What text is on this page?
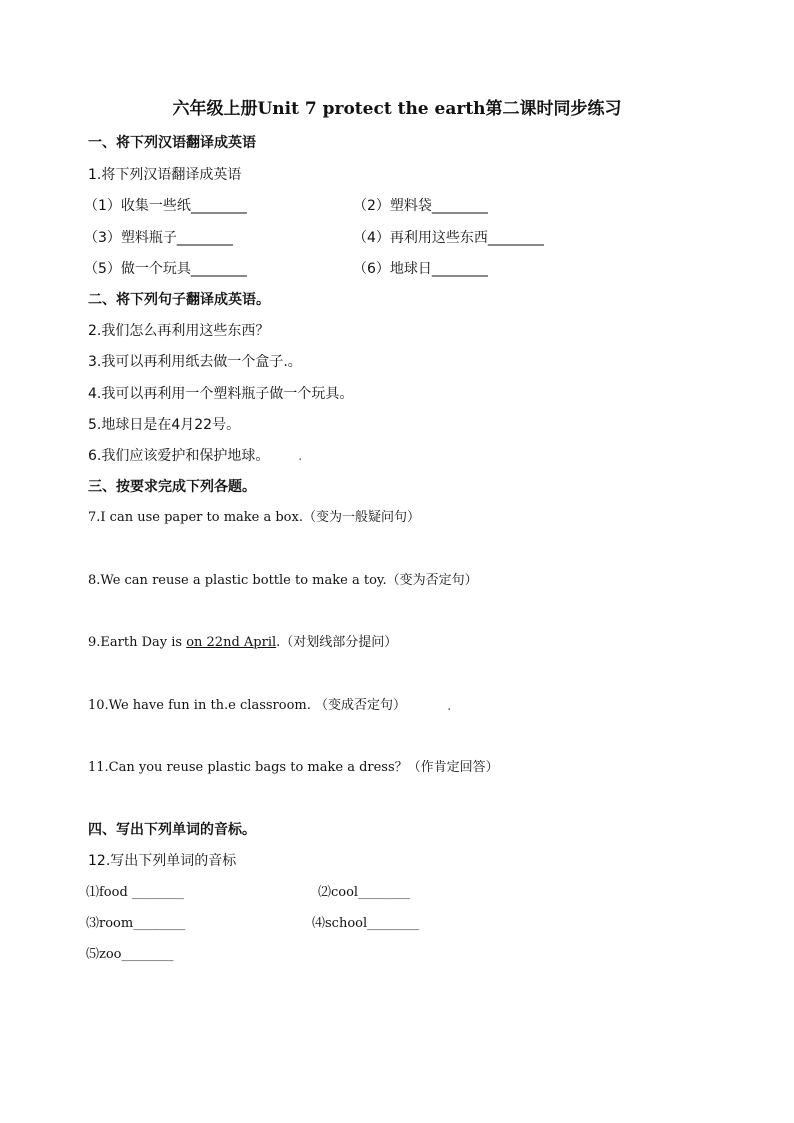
六年级上册Unit 7 protect the earth第二课时同步练习
一、将下列汉语翻译成英语
1.将下列汉语翻译成英语
（1）收集一些纸________	（2）塑料袋________
（3）塑料瓶子________	（4）再利用这些东西________
（5）做一个玩具________	（6）地球日________
二、将下列句子翻译成英语。
2.我们怎么再利用这些东西？
3.我可以再利用纸去做一个盒子.。
4.我可以再利用一个塑料瓶子做一个玩具。
5.地球日是在4月22号。
6.我们应该爱护和保护地球。 .
三、按要求完成下列各题。
7.I can use paper to make a box.（变为一般疑问句）
8.We can reuse a plastic bottle to make a toy.（变为否定句）
9.Earth Day is on 22nd April.（对划线部分提问）
10.We have fun in th.e classroom. （变成否定句）	.
11.Can you reuse plastic bags to make a dress？（作肯定回答）
四、写出下列单词的音标。
12.写出下列单词的音标
⑴food ________	⑵cool________
⑶room________	⑷school________
⑸zoo________
